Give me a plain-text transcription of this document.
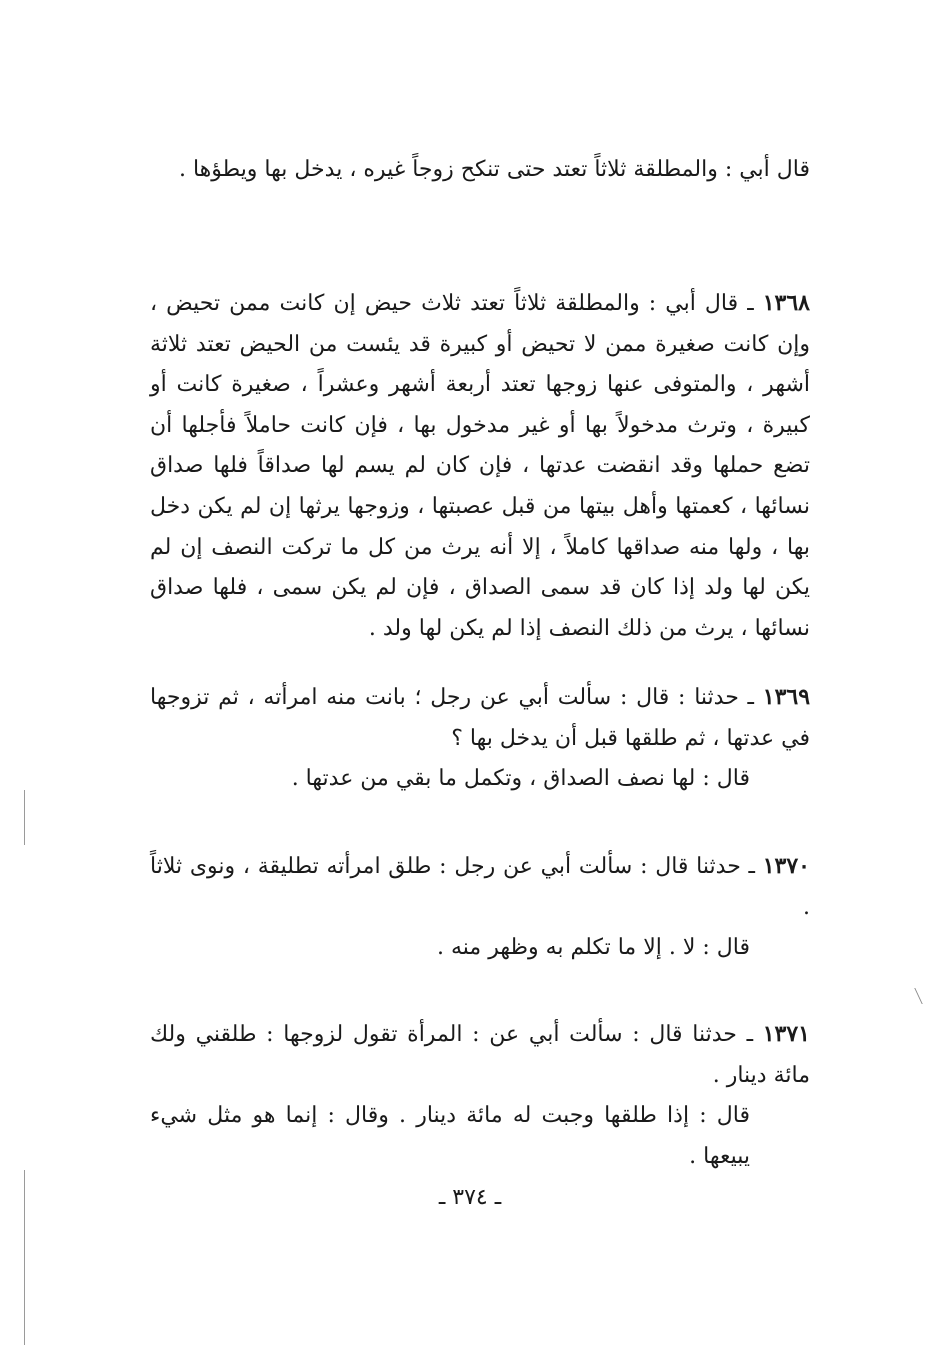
قال أبي : والمطلقة ثلاثاً تعتد حتى تنكح زوجاً غيره ، يدخل بها ويطؤها .

١٣٦٨ ـ قال أبي : والمطلقة ثلاثاً تعتد ثلاث حيض إن كانت ممن تحيض ، وإن كانت صغيرة ممن لا تحيض أو كبيرة قد يئست من الحيض تعتد ثلاثة أشهر ، والمتوفى عنها زوجها تعتد أربعة أشهر وعشراً ، صغيرة كانت أو كبيرة ، وترث مدخولاً بها أو غير مدخول بها ، فإن كانت حاملاً فأجلها أن تضع حملها وقد انقضت عدتها ، فإن كان لم يسم لها صداقاً فلها صداق نسائها ، كعمتها وأهل بيتها من قبل عصبتها ، وزوجها يرثها إن لم يكن دخل بها ، ولها منه صداقها كاملاً ، إلا أنه يرث من كل ما تركت النصف إن لم يكن لها ولد إذا كان قد سمى الصداق ، فإن لم يكن سمى ، فلها صداق نسائها ، يرث من ذلك النصف إذا لم يكن لها ولد .

١٣٦٩ ـ حدثنا : قال : سألت أبي عن رجل ؛ بانت منه امرأته ، ثم تزوجها في عدتها ، ثم طلقها قبل أن يدخل بها ؟

قال : لها نصف الصداق ، وتكمل ما بقي من عدتها .

١٣٧٠ ـ حدثنا قال : سألت أبي عن رجل : طلق امرأته تطليقة ، ونوى ثلاثاً .

قال : لا . إلا ما تكلم به وظهر منه .

١٣٧١ ـ حدثنا قال : سألت أبي عن : المرأة تقول لزوجها : طلقني ولك مائة دينار .

قال : إذا طلقها وجبت له مائة دينار . وقال : إنما هو مثل شيء يبيعها .

ـ ٣٧٤ ـ
